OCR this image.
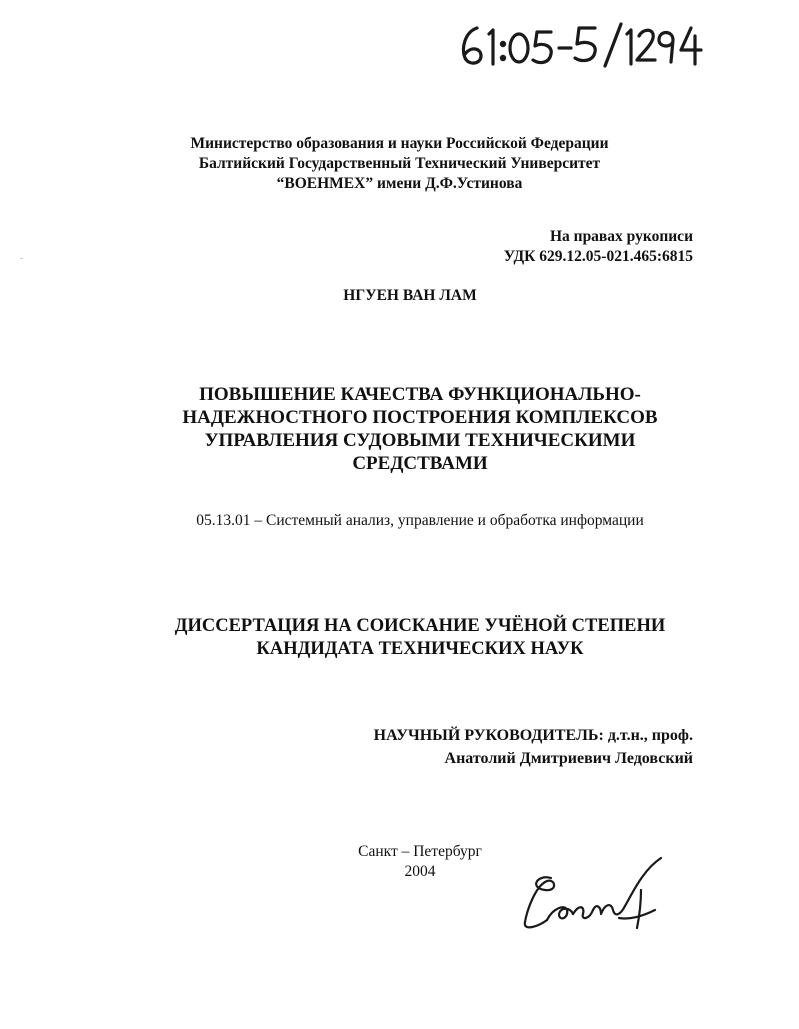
61:05-5/1294
Министерство образования и науки Российской Федерации
Балтийский Государственный Технический Университет
“ВОЕНМЕХ” имени Д.Ф.Устинова
На правах рукописи
УДК 629.12.05-021.465:6815
НГУЕН ВАН ЛАМ
ПОВЫШЕНИЕ КАЧЕСТВА ФУНКЦИОНАЛЬНО-
НАДЕЖНОСТНОГО ПОСТРОЕНИЯ КОМПЛЕКСОВ
УПРАВЛЕНИЯ СУДОВЫМИ ТЕХНИЧЕСКИМИ
СРЕДСТВАМИ
05.13.01 – Системный анализ, управление и обработка информации
ДИССЕРТАЦИЯ НА СОИСКАНИЕ УЧЁНОЙ СТЕПЕНИ
КАНДИДАТА ТЕХНИЧЕСКИХ НАУК
НАУЧНЫЙ РУКОВОДИТЕЛЬ: д.т.н., проф.
Анатолий Дмитриевич Ледовский
Санкт – Петербург
2004
